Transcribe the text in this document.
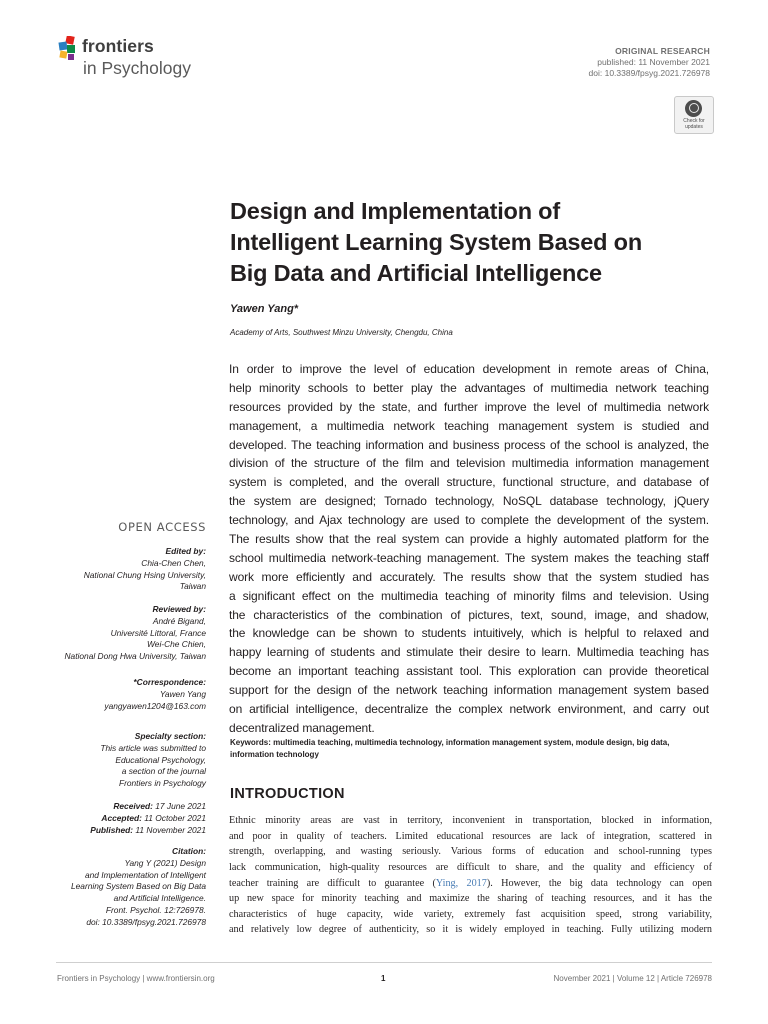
frontiers
in Psychology
ORIGINAL RESEARCH
published: 11 November 2021
doi: 10.3389/fpsyg.2021.726978
Check for
updates
Design and Implementation of
Intelligent Learning System Based on
Big Data and Artificial Intelligence
Yawen Yang*
Academy of Arts, Southwest Minzu University, Chengdu, China
In order to improve the level of education development in remote areas of China,
help minority schools to better play the advantages of multimedia network teaching
resources provided by the state, and further improve the level of multimedia network
management, a multimedia network teaching management system is studied and
developed. The teaching information and business process of the school is analyzed, the
division of the structure of the film and television multimedia information management
system is completed, and the overall structure, functional structure, and database of
the system are designed; Tornado technology, NoSQL database technology, jQuery
technology, and Ajax technology are used to complete the development of the system.
The results show that the real system can provide a highly automated platform for the
school multimedia network-teaching management. The system makes the teaching staff
work more efficiently and accurately. The results show that the system studied has
a significant effect on the multimedia teaching of minority films and television. Using
the characteristics of the combination of pictures, text, sound, image, and shadow,
the knowledge can be shown to students intuitively, which is helpful to relaxed and
happy learning of students and stimulate their desire to learn. Multimedia teaching has
become an important teaching assistant tool. This exploration can provide theoretical
support for the design of the network teaching information management system based
on artificial intelligence, decentralize the complex network environment, and carry out
decentralized management.
Keywords: multimedia teaching, multimedia technology, information management system, module design, big data, information technology
INTRODUCTION
Ethnic minority areas are vast in territory, inconvenient in transportation, blocked in information,
and poor in quality of teachers. Limited educational resources are lack of integration, scattered in
strength, overlapping, and wasting seriously. Various forms of education and school-running types
lack communication, high-quality resources are difficult to share, and the quality and efficiency of
teacher training are difficult to guarantee (Ying, 2017). However, the big data technology can open
up new space for minority teaching and maximize the sharing of teaching resources, and it has the
characteristics of huge capacity, wide variety, extremely fast acquisition speed, strong variability,
and relatively low degree of authenticity, so it is widely employed in teaching. Fully utilizing modern
OPEN ACCESS
Edited by:
Chia-Chen Chen,
National Chung Hsing University,
Taiwan
Reviewed by:
André Bigand,
Université Littoral, France
Wei-Che Chien,
National Dong Hwa University, Taiwan
*Correspondence:
Yawen Yang
yangyawen1204@163.com
Specialty section:
This article was submitted to
Educational Psychology,
a section of the journal
Frontiers in Psychology
Received: 17 June 2021
Accepted: 11 October 2021
Published: 11 November 2021
Citation:
Yang Y (2021) Design
and Implementation of Intelligent
Learning System Based on Big Data
and Artificial Intelligence.
Front. Psychol. 12:726978.
doi: 10.3389/fpsyg.2021.726978
Frontiers in Psychology | www.frontiersin.org	1	November 2021 | Volume 12 | Article 726978
